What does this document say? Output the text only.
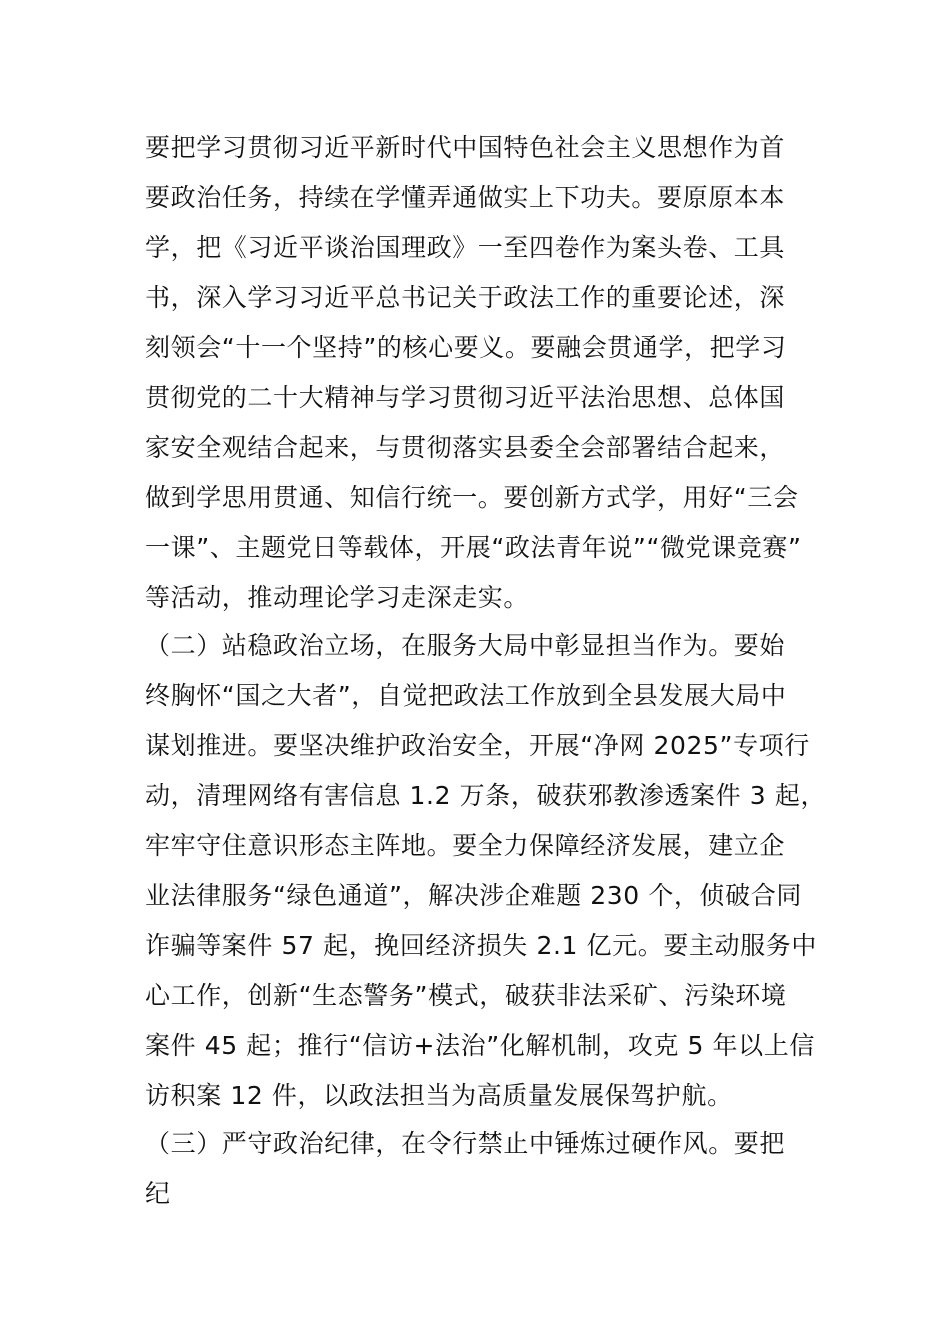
要把学习贯彻习近平新时代中国特色社会主义思想作为首
要政治任务，持续在学懂弄通做实上下功夫。要原原本本
学，把《习近平谈治国理政》一至四卷作为案头卷、工具
书，深入学习习近平总书记关于政法工作的重要论述，深
刻领会“十一个坚持”的核心要义。要融会贯通学，把学习
贯彻党的二十大精神与学习贯彻习近平法治思想、总体国
家安全观结合起来，与贯彻落实县委全会部署结合起来，
做到学思用贯通、知信行统一。要创新方式学，用好“三会
一课”、主题党日等载体，开展“政法青年说”“微党课竞赛”
等活动，推动理论学习走深走实。
（二）站稳政治立场，在服务大局中彰显担当作为。要始
终胸怀“国之大者”，自觉把政法工作放到全县发展大局中
谋划推进。要坚决维护政治安全，开展“净网 2025”专项行
动，清理网络有害信息 1.2 万条，破获邪教渗透案件 3 起，
牢牢守住意识形态主阵地。要全力保障经济发展，建立企
业法律服务“绿色通道”，解决涉企难题 230 个，侦破合同
诈骗等案件 57 起，挽回经济损失 2.1 亿元。要主动服务中
心工作，创新“生态警务”模式，破获非法采矿、污染环境
案件 45 起；推行“信访+法治”化解机制，攻克 5 年以上信
访积案 12 件，以政法担当为高质量发展保驾护航。
（三）严守政治纪律，在令行禁止中锤炼过硬作风。要把
纪
